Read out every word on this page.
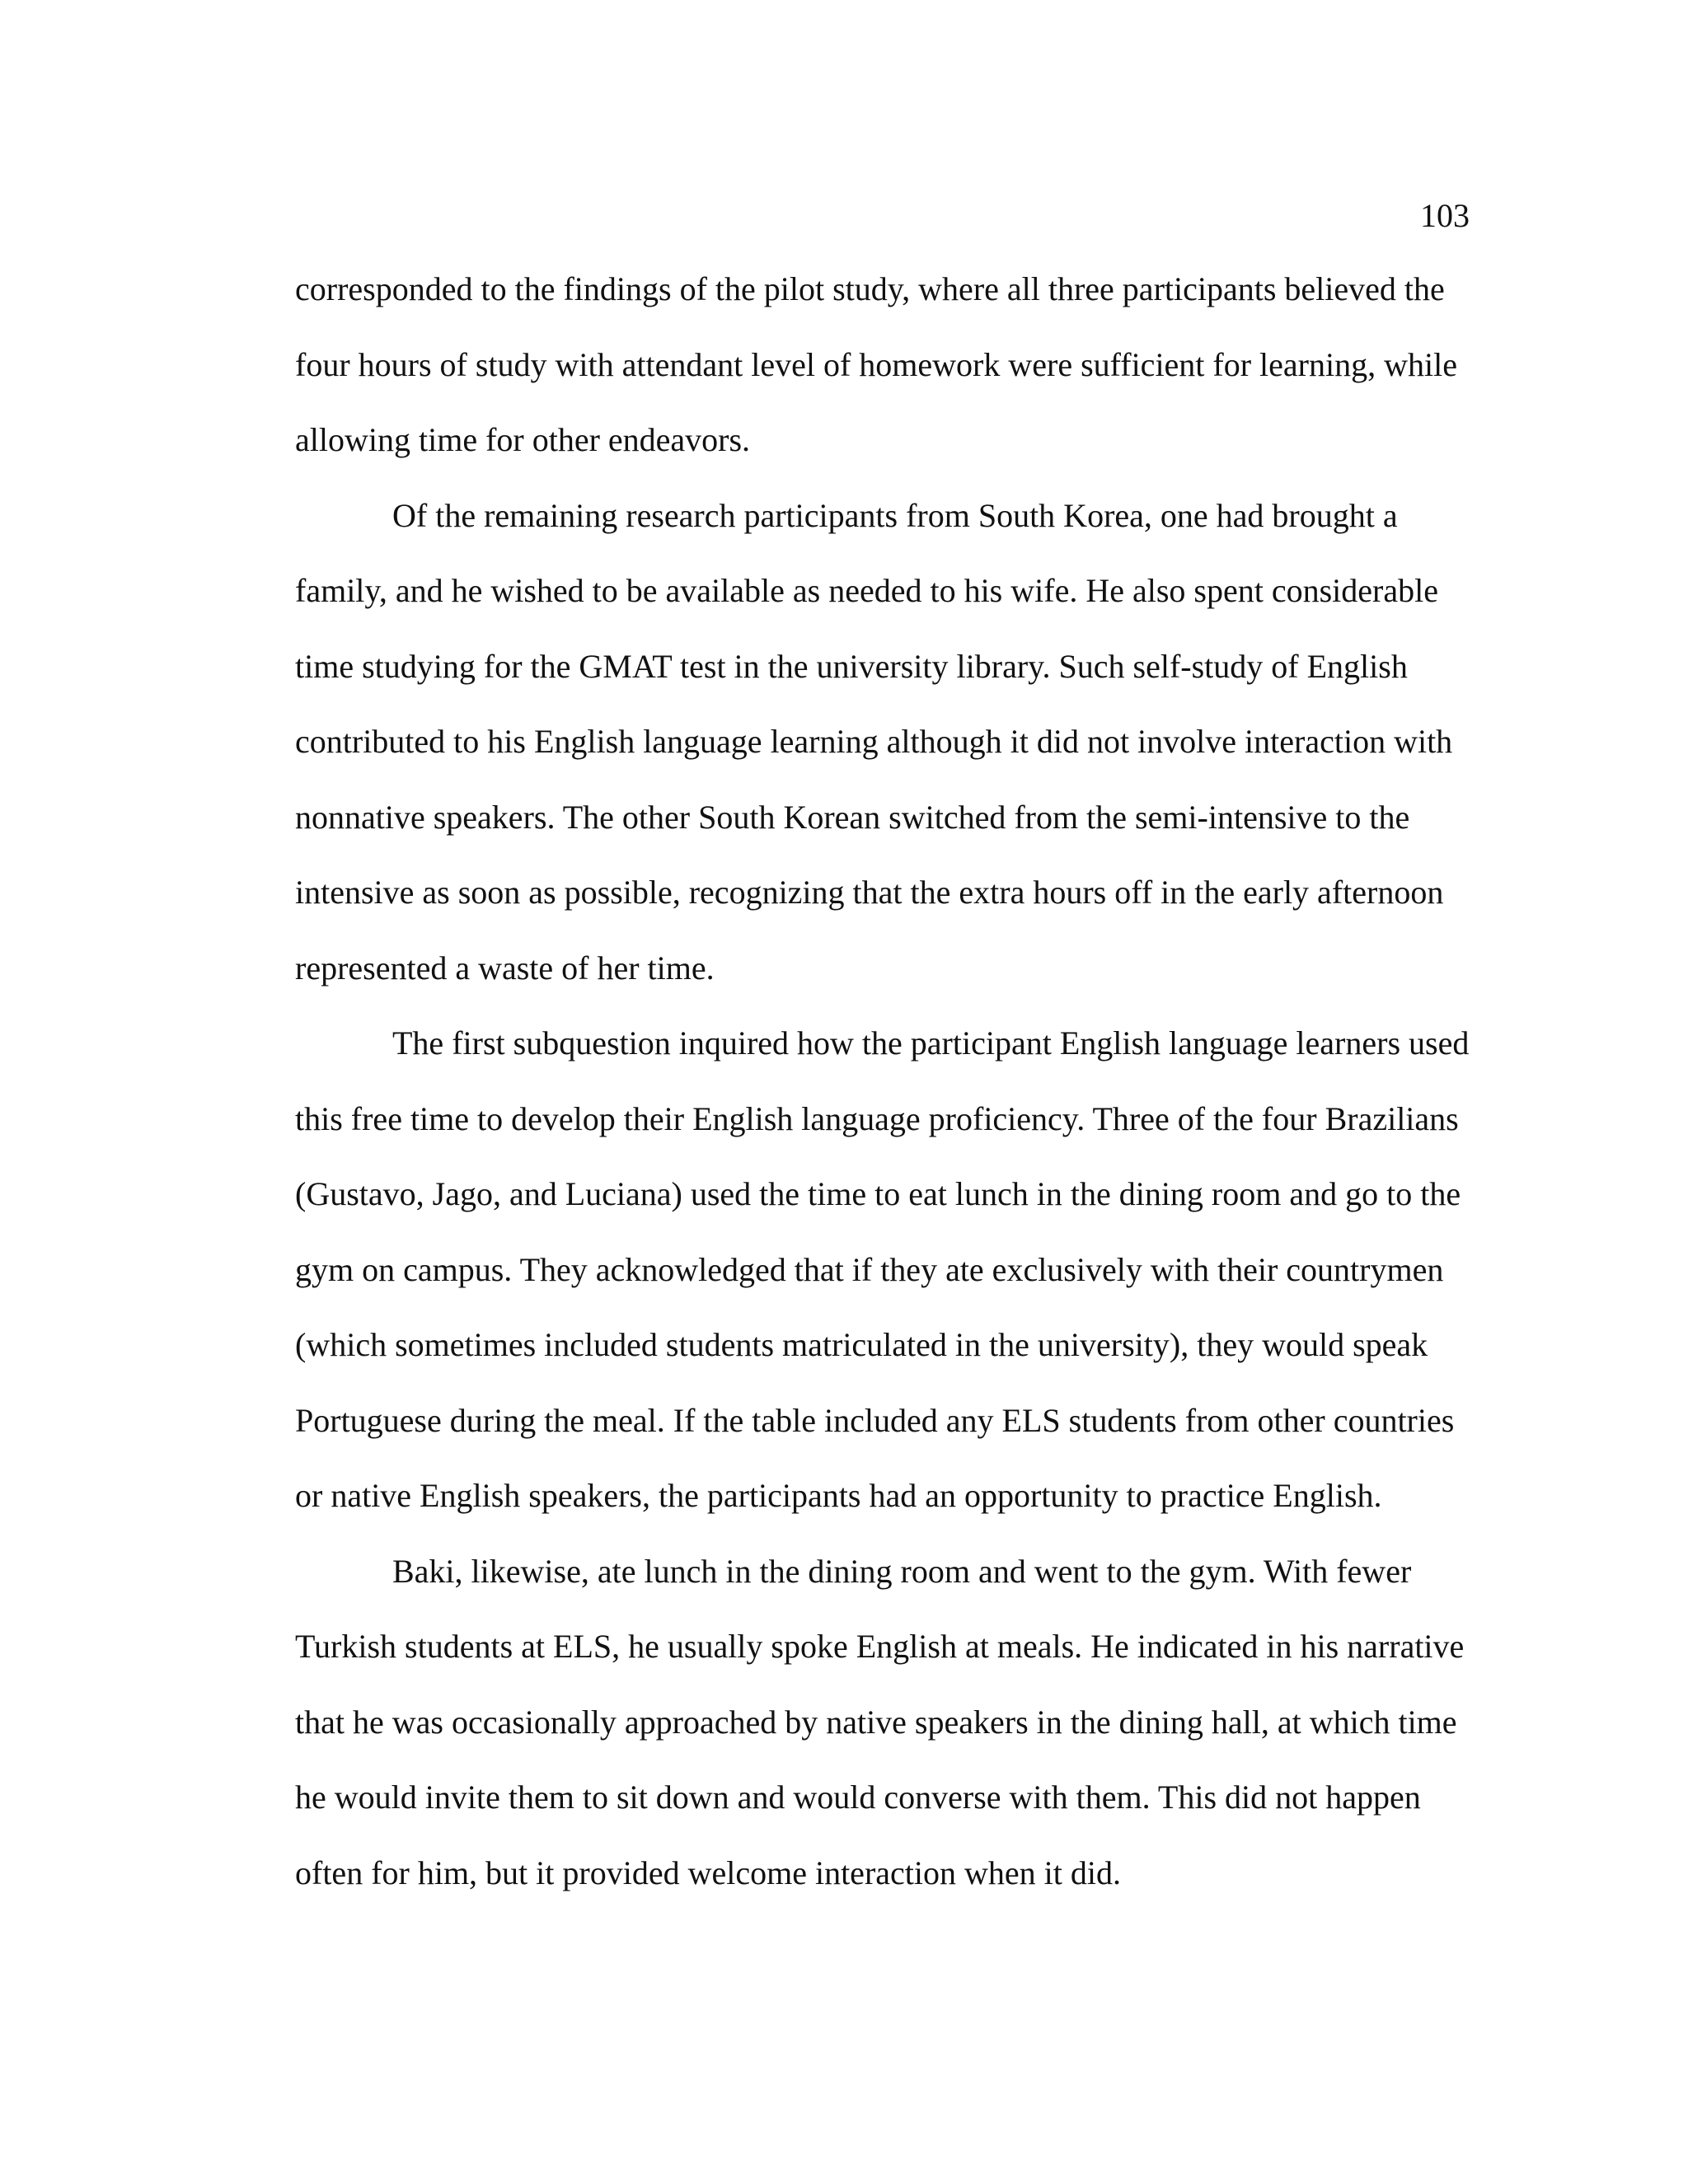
103
corresponded to the findings of the pilot study, where all three participants believed the
four hours of study with attendant level of homework were sufficient for learning, while
allowing time for other endeavors.
Of the remaining research participants from South Korea, one had brought a
family, and he wished to be available as needed to his wife. He also spent considerable
time studying for the GMAT test in the university library. Such self-study of English
contributed to his English language learning although it did not involve interaction with
nonnative speakers. The other South Korean switched from the semi-intensive to the
intensive as soon as possible, recognizing that the extra hours off in the early afternoon
represented a waste of her time.
The first subquestion inquired how the participant English language learners used
this free time to develop their English language proficiency. Three of the four Brazilians
(Gustavo, Jago, and Luciana) used the time to eat lunch in the dining room and go to the
gym on campus. They acknowledged that if they ate exclusively with their countrymen
(which sometimes included students matriculated in the university), they would speak
Portuguese during the meal. If the table included any ELS students from other countries
or native English speakers, the participants had an opportunity to practice English.
Baki, likewise, ate lunch in the dining room and went to the gym. With fewer
Turkish students at ELS, he usually spoke English at meals. He indicated in his narrative
that he was occasionally approached by native speakers in the dining hall, at which time
he would invite them to sit down and would converse with them. This did not happen
often for him, but it provided welcome interaction when it did.
